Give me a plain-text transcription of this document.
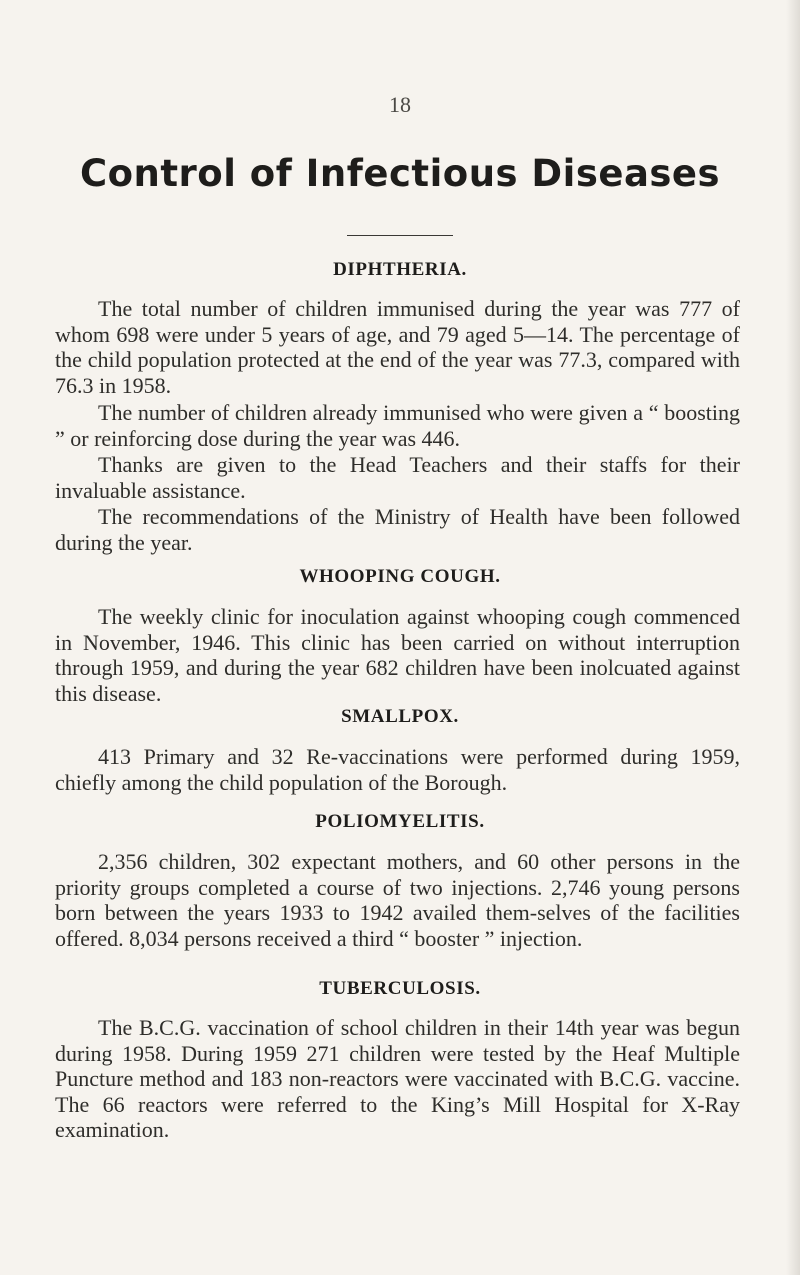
18
Control of Infectious Diseases
DIPHTHERIA.

The total number of children immunised during the year was 777 of whom 698 were under 5 years of age, and 79 aged 5—14. The percentage of the child population protected at the end of the year was 77.3, compared with 76.3 in 1958.

The number of children already immunised who were given a “ boosting ” or reinforcing dose during the year was 446.

Thanks are given to the Head Teachers and their staffs for their invaluable assistance.

The recommendations of the Ministry of Health have been followed during the year.

WHOOPING COUGH.

The weekly clinic for inoculation against whooping cough commenced in November, 1946. This clinic has been carried on without interruption through 1959, and during the year 682 children have been inolcuated against this disease.

SMALLPOX.

413 Primary and 32 Re-vaccinations were performed during 1959, chiefly among the child population of the Borough.

POLIOMYELITIS.

2,356 children, 302 expectant mothers, and 60 other persons in the priority groups completed a course of two injections. 2,746 young persons born between the years 1933 to 1942 availed them-selves of the facilities offered. 8,034 persons received a third “ booster ” injection.

TUBERCULOSIS.

The B.C.G. vaccination of school children in their 14th year was begun during 1958. During 1959 271 children were tested by the Heaf Multiple Puncture method and 183 non-reactors were vaccinated with B.C.G. vaccine. The 66 reactors were referred to the King’s Mill Hospital for X-Ray examination.
